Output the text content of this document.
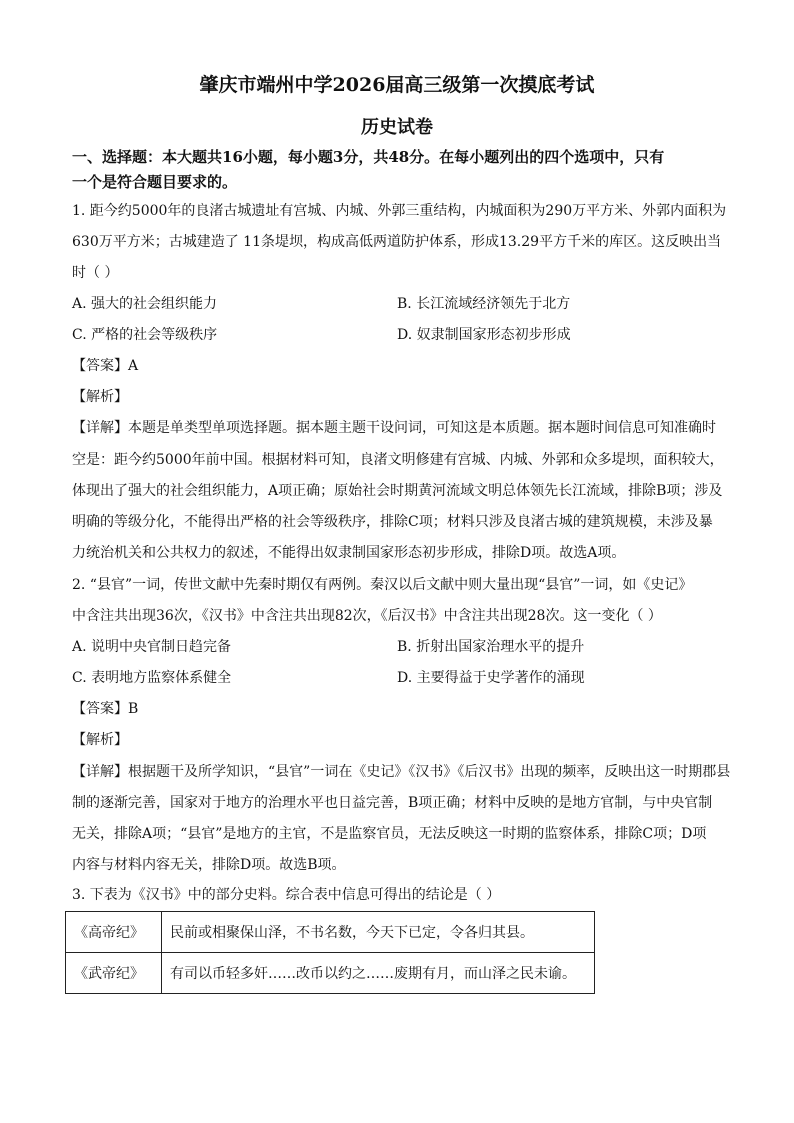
肇庆市端州中学2026届高三级第一次摸底考试
历史试卷
一、选择题：本大题共16小题，每小题3分，共48分。在每小题列出的四个选项中，只有
一个是符合题目要求的。
1. 距今约5000年的良渚古城遗址有宫城、内城、外郭三重结构，内城面积为290万平方米、外郭内面积为
630万平方米；古城建造了 11条堤坝，构成高低两道防护体系，形成13.29平方千米的库区。这反映出当
时（ ）
A. 强大的社会组织能力	B. 长江流域经济领先于北方
C. 严格的社会等级秩序	D. 奴隶制国家形态初步形成
【答案】A
【解析】
【详解】本题是单类型单项选择题。据本题主题干设问词，可知这是本质题。据本题时间信息可知准确时
空是：距今约5000年前中国。根据材料可知，良渚文明修建有宫城、内城、外郭和众多堤坝，面积较大，
体现出了强大的社会组织能力，A项正确；原始社会时期黄河流域文明总体领先长江流域，排除B项；涉及
明确的等级分化，不能得出严格的社会等级秩序，排除C项；材料只涉及良渚古城的建筑规模，未涉及暴
力统治机关和公共权力的叙述，不能得出奴隶制国家形态初步形成，排除D项。故选A项。
2. “县官”一词，传世文献中先秦时期仅有两例。秦汉以后文献中则大量出现“县官”一词，如《史记》
中含注共出现36次，《汉书》中含注共出现82次，《后汉书》中含注共出现28次。这一变化（ ）
A. 说明中央官制日趋完备	B. 折射出国家治理水平的提升
C. 表明地方监察体系健全	D. 主要得益于史学著作的涌现
【答案】B
【解析】
【详解】根据题干及所学知识，“县官”一词在《史记》《汉书》《后汉书》出现的频率，反映出这一时期郡县
制的逐渐完善，国家对于地方的治理水平也日益完善，B项正确；材料中反映的是地方官制，与中央官制
无关，排除A项；“县官”是地方的主官，不是监察官员，无法反映这一时期的监察体系，排除C项；D项
内容与材料内容无关，排除D项。故选B项。
3. 下表为《汉书》中的部分史料。综合表中信息可得出的结论是（ ）
《高帝纪》	民前或相聚保山泽，不书名数，今天下已定，令各归其县。
《武帝纪》	有司以币轻多奸……改币以约之……废期有月，而山泽之民未谕。
